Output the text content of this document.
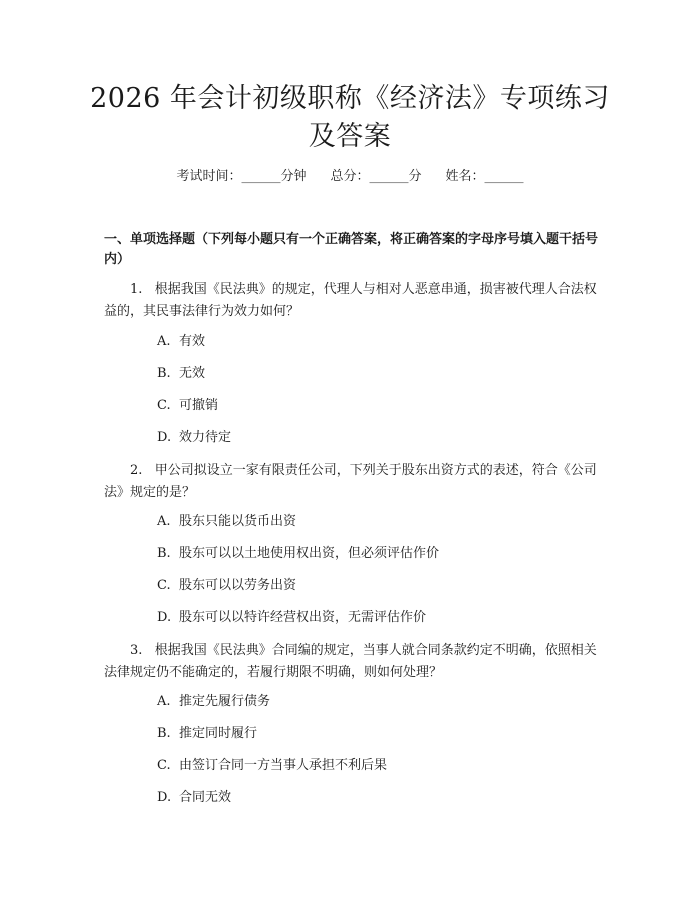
2026 年会计初级职称《经济法》专项练习及答案
考试时间：______分钟 总分：______分 姓名：______
一、单项选择题（下列每小题只有一个正确答案，将正确答案的字母序号填入题干括号内）

1.   根据我国《民法典》的规定，代理人与相对人恶意串通，损害被代理人合法权益的，其民事法律行为效力如何？

A. 有效

B. 无效

C. 可撤销

D. 效力待定

2.   甲公司拟设立一家有限责任公司，下列关于股东出资方式的表述，符合《公司法》规定的是？

A. 股东只能以货币出资

B. 股东可以以土地使用权出资，但必须评估作价

C. 股东可以以劳务出资

D. 股东可以以特许经营权出资，无需评估作价

3.   根据我国《民法典》合同编的规定，当事人就合同条款约定不明确，依照相关法律规定仍不能确定的，若履行期限不明确，则如何处理？

A. 推定先履行债务

B. 推定同时履行

C. 由签订合同一方当事人承担不利后果

D. 合同无效
